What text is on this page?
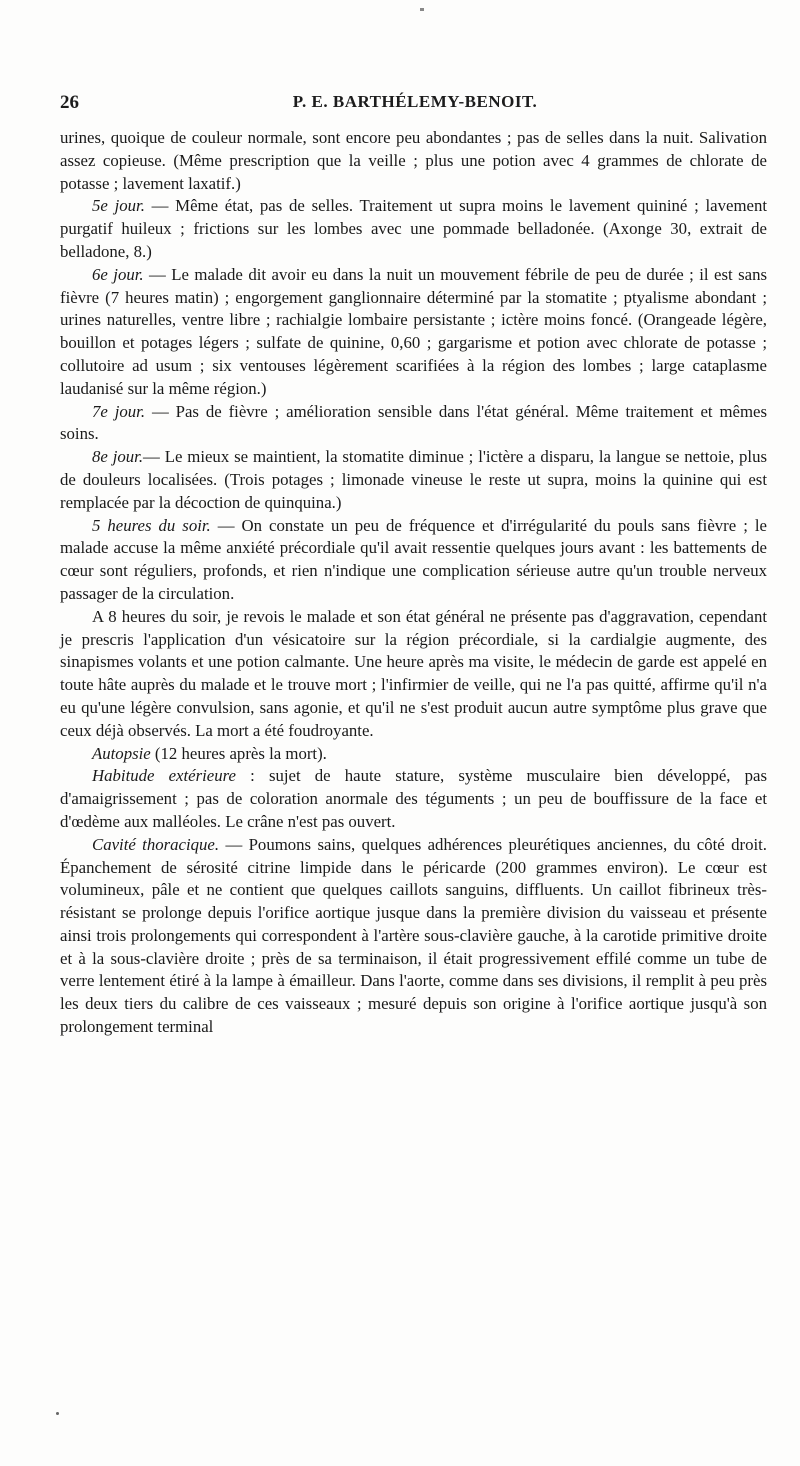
26	P. E. BARTHÉLEMY-BENOIT.

urines, quoique de couleur normale, sont encore peu abondantes ; pas de selles dans la nuit. Salivation assez copieuse. (Même prescription que la veille ; plus une potion avec 4 grammes de chlorate de potasse ; lavement laxatif.)

5e jour. — Même état, pas de selles. Traitement ut supra moins le lavement quininé ; lavement purgatif huileux ; frictions sur les lombes avec une pommade belladonée. (Axonge 30, extrait de belladone, 8.)

6e jour. — Le malade dit avoir eu dans la nuit un mouvement fébrile de peu de durée ; il est sans fièvre (7 heures matin) ; engorgement ganglionnaire déterminé par la stomatite ; ptyalisme abondant ; urines naturelles, ventre libre ; rachialgie lombaire persistante ; ictère moins foncé. (Orangeade légère, bouillon et potages légers ; sulfate de quinine, 0,60 ; gargarisme et potion avec chlorate de potasse ; collutoire ad usum ; six ventouses légèrement scarifiées à la région des lombes ; large cataplasme laudanisé sur la même région.)

7e jour. — Pas de fièvre ; amélioration sensible dans l'état général. Même traitement et mêmes soins.

8e jour.— Le mieux se maintient, la stomatite diminue ; l'ictère a disparu, la langue se nettoie, plus de douleurs localisées. (Trois potages ; limonade vineuse le reste ut supra, moins la quinine qui est remplacée par la décoction de quinquina.)

5 heures du soir. — On constate un peu de fréquence et d'irrégularité du pouls sans fièvre ; le malade accuse la même anxiété précordiale qu'il avait ressentie quelques jours avant : les battements de cœur sont réguliers, profonds, et rien n'indique une complication sérieuse autre qu'un trouble nerveux passager de la circulation.

A 8 heures du soir, je revois le malade et son état général ne présente pas d'aggravation, cependant je prescris l'application d'un vésicatoire sur la région précordiale, si la cardialgie augmente, des sinapismes volants et une potion calmante. Une heure après ma visite, le médecin de garde est appelé en toute hâte auprès du malade et le trouve mort ; l'infirmier de veille, qui ne l'a pas quitté, affirme qu'il n'a eu qu'une légère convulsion, sans agonie, et qu'il ne s'est produit aucun autre symptôme plus grave que ceux déjà observés. La mort a été foudroyante.

Autopsie (12 heures après la mort).

Habitude extérieure : sujet de haute stature, système musculaire bien développé, pas d'amaigrissement ; pas de coloration anormale des téguments ; un peu de bouffissure de la face et d'œdème aux malléoles. Le crâne n'est pas ouvert.

Cavité thoracique. — Poumons sains, quelques adhérences pleurétiques anciennes, du côté droit. Épanchement de sérosité citrine limpide dans le péricarde (200 grammes environ). Le cœur est volumineux, pâle et ne contient que quelques caillots sanguins, diffluents. Un caillot fibrineux très-résistant se prolonge depuis l'orifice aortique jusque dans la première division du vaisseau et présente ainsi trois prolongements qui correspondent à l'artère sous-clavière gauche, à la carotide primitive droite et à la sous-clavière droite ; près de sa terminaison, il était progressivement effilé comme un tube de verre lentement étiré à la lampe à émailleur. Dans l'aorte, comme dans ses divisions, il remplit à peu près les deux tiers du calibre de ces vaisseaux ; mesuré depuis son origine à l'orifice aortique jusqu'à son prolongement terminal
